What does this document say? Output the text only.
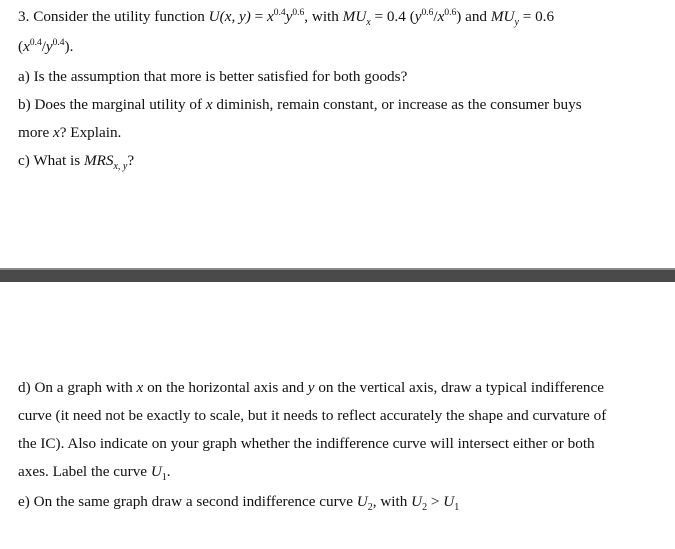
3. Consider the utility function U(x, $y) = x^{0.4}y^{0.6}$, with $MU_x = 0.4$ $(y^{0.6}/x^{0.6})$ and $MU_y = 0.6$
$(x^{0.4}/y^{0.4})$.
a) Is the assumption that more is better satisfied for both goods?
b) Does the marginal utility of x diminish, remain constant, or increase as the consumer buys
more x? Explain.
c) What is $MRS_{x, y}$?
d) On a graph with x on the horizontal axis and y on the vertical axis, draw a typical indifference
curve (it need not be exactly to scale, but it needs to reflect accurately the shape and curvature of
the IC). Also indicate on your graph whether the indifference curve will intersect either or both
axes. Label the curve $U_1$.
e) On the same graph draw a second indifference curve $U_2$, with $U_2 > U_1$
